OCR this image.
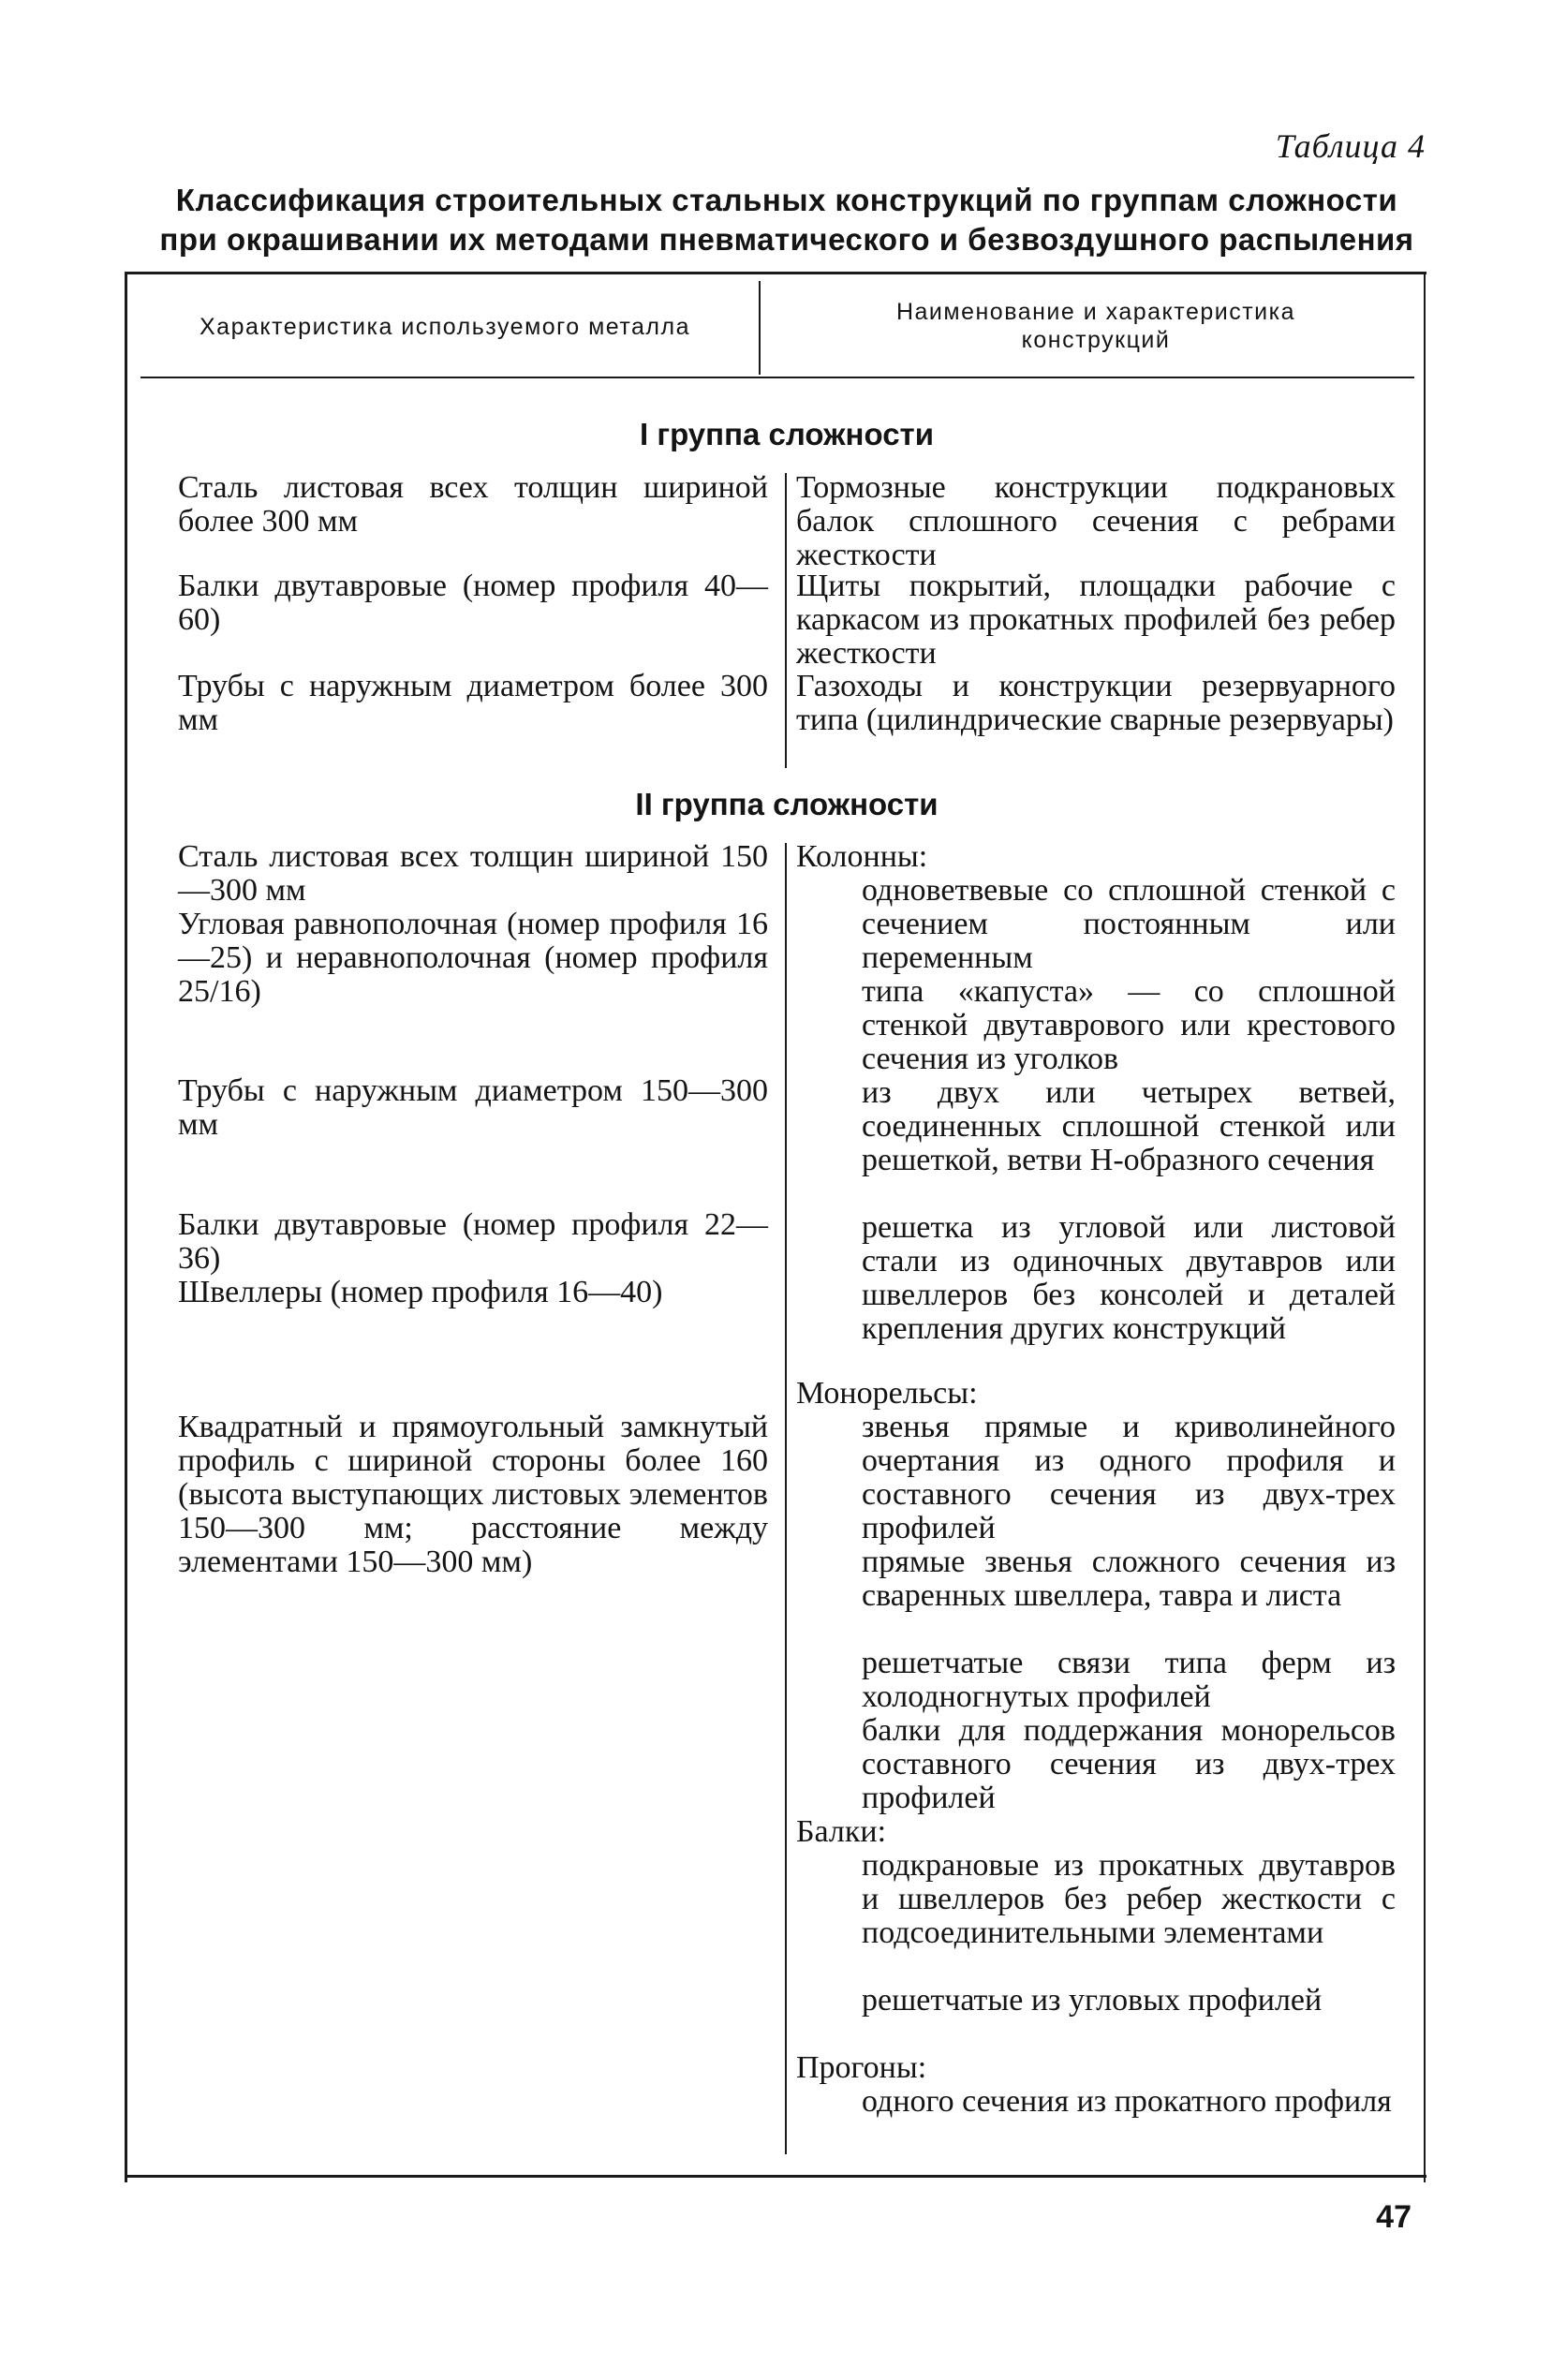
Таблица 4
Классификация строительных стальных конструкций по группам сложности
при окрашивании их методами пневматического и безвоздушного распыления
Характеристика используемого металла
Наименование и характеристика
конструкций
I группа сложности
Сталь листовая всех толщин шириной более 300 мм
Балки двутавровые (номер профиля 40—60)
Трубы с наружным диаметром более 300 мм
Тормозные конструкции подкрановых балок сплошного сечения с ребрами жесткости
Щиты покрытий, площадки рабочие с каркасом из прокатных профилей без ребер жесткости
Газоходы и конструкции резервуарного типа (цилиндрические сварные резервуары)
II группа сложности
Сталь листовая всех толщин шириной 150—300 мм
Угловая равнополочная (номер профиля 16—25) и неравнополочная (номер профиля 25/16)
Трубы с наружным диаметром 150—300 мм
Балки двутавровые (номер профиля 22—36)
Швеллеры (номер профиля 16—40)
Квадратный и прямоугольный замкнутый профиль с шириной стороны более 160 (высота выступающих листовых элементов 150—300 мм; расстояние между элементами 150—300 мм)
Колонны:
одноветвевые со сплошной стенкой с сечением постоянным или переменным
типа «капуста» — со сплошной стенкой двутаврового или крестового сечения из уголков
из двух или четырех ветвей, соединенных сплошной стенкой или решеткой, ветви Н-образного сечения
решетка из угловой или листовой стали из одиночных двутавров или швеллеров без консолей и деталей крепления других конструкций
Монорельсы:
звенья прямые и криволинейного очертания из одного профиля и составного сечения из двух-трех профилей
прямые звенья сложного сечения из сваренных швеллера, тавра и листа
решетчатые связи типа ферм из холодногнутых профилей
балки для поддержания монорельсов составного сечения из двух-трех профилей
Балки:
подкрановые из прокатных двутавров и швеллеров без ребер жесткости с подсоединительными элементами
решетчатые из угловых профилей
Прогоны:
одного сечения из прокатного профиля
47
